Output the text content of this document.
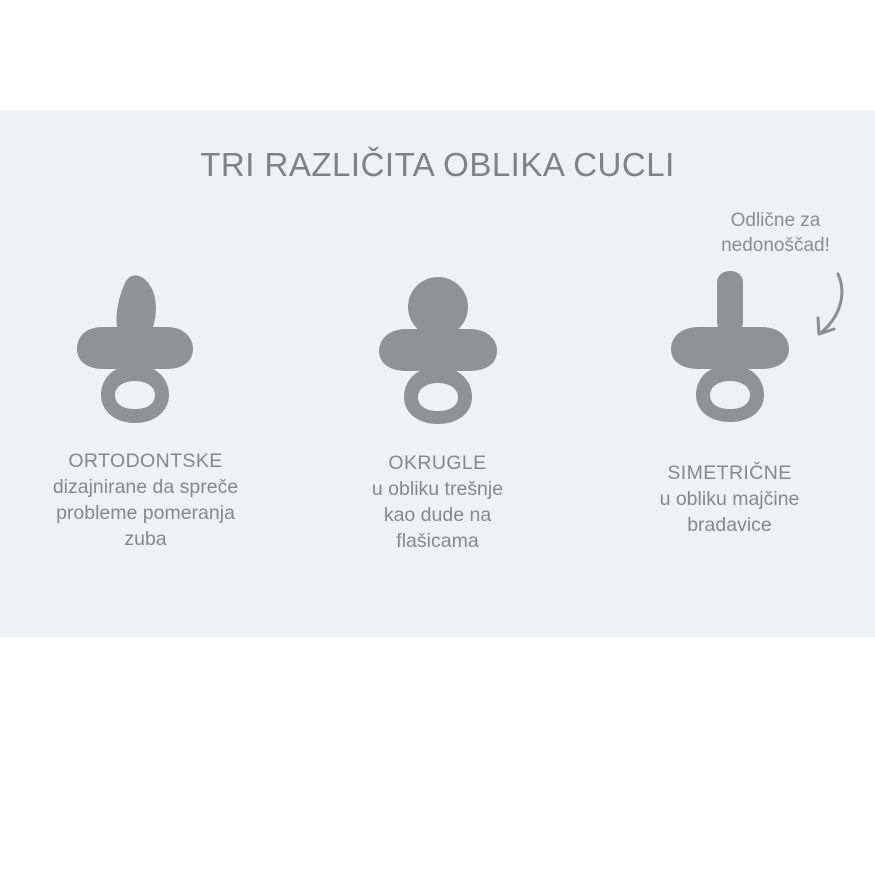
TRI RAZLIČITA OBLIKA CUCLI
Odlične za
nedonoščad!
ORTODONTSKE
dizajnirane da spreče
probleme pomeranja
zuba
OKRUGLE
u obliku trešnje
kao dude na
flašicama
SIMETRIČNE
u obliku majčine
bradavice
